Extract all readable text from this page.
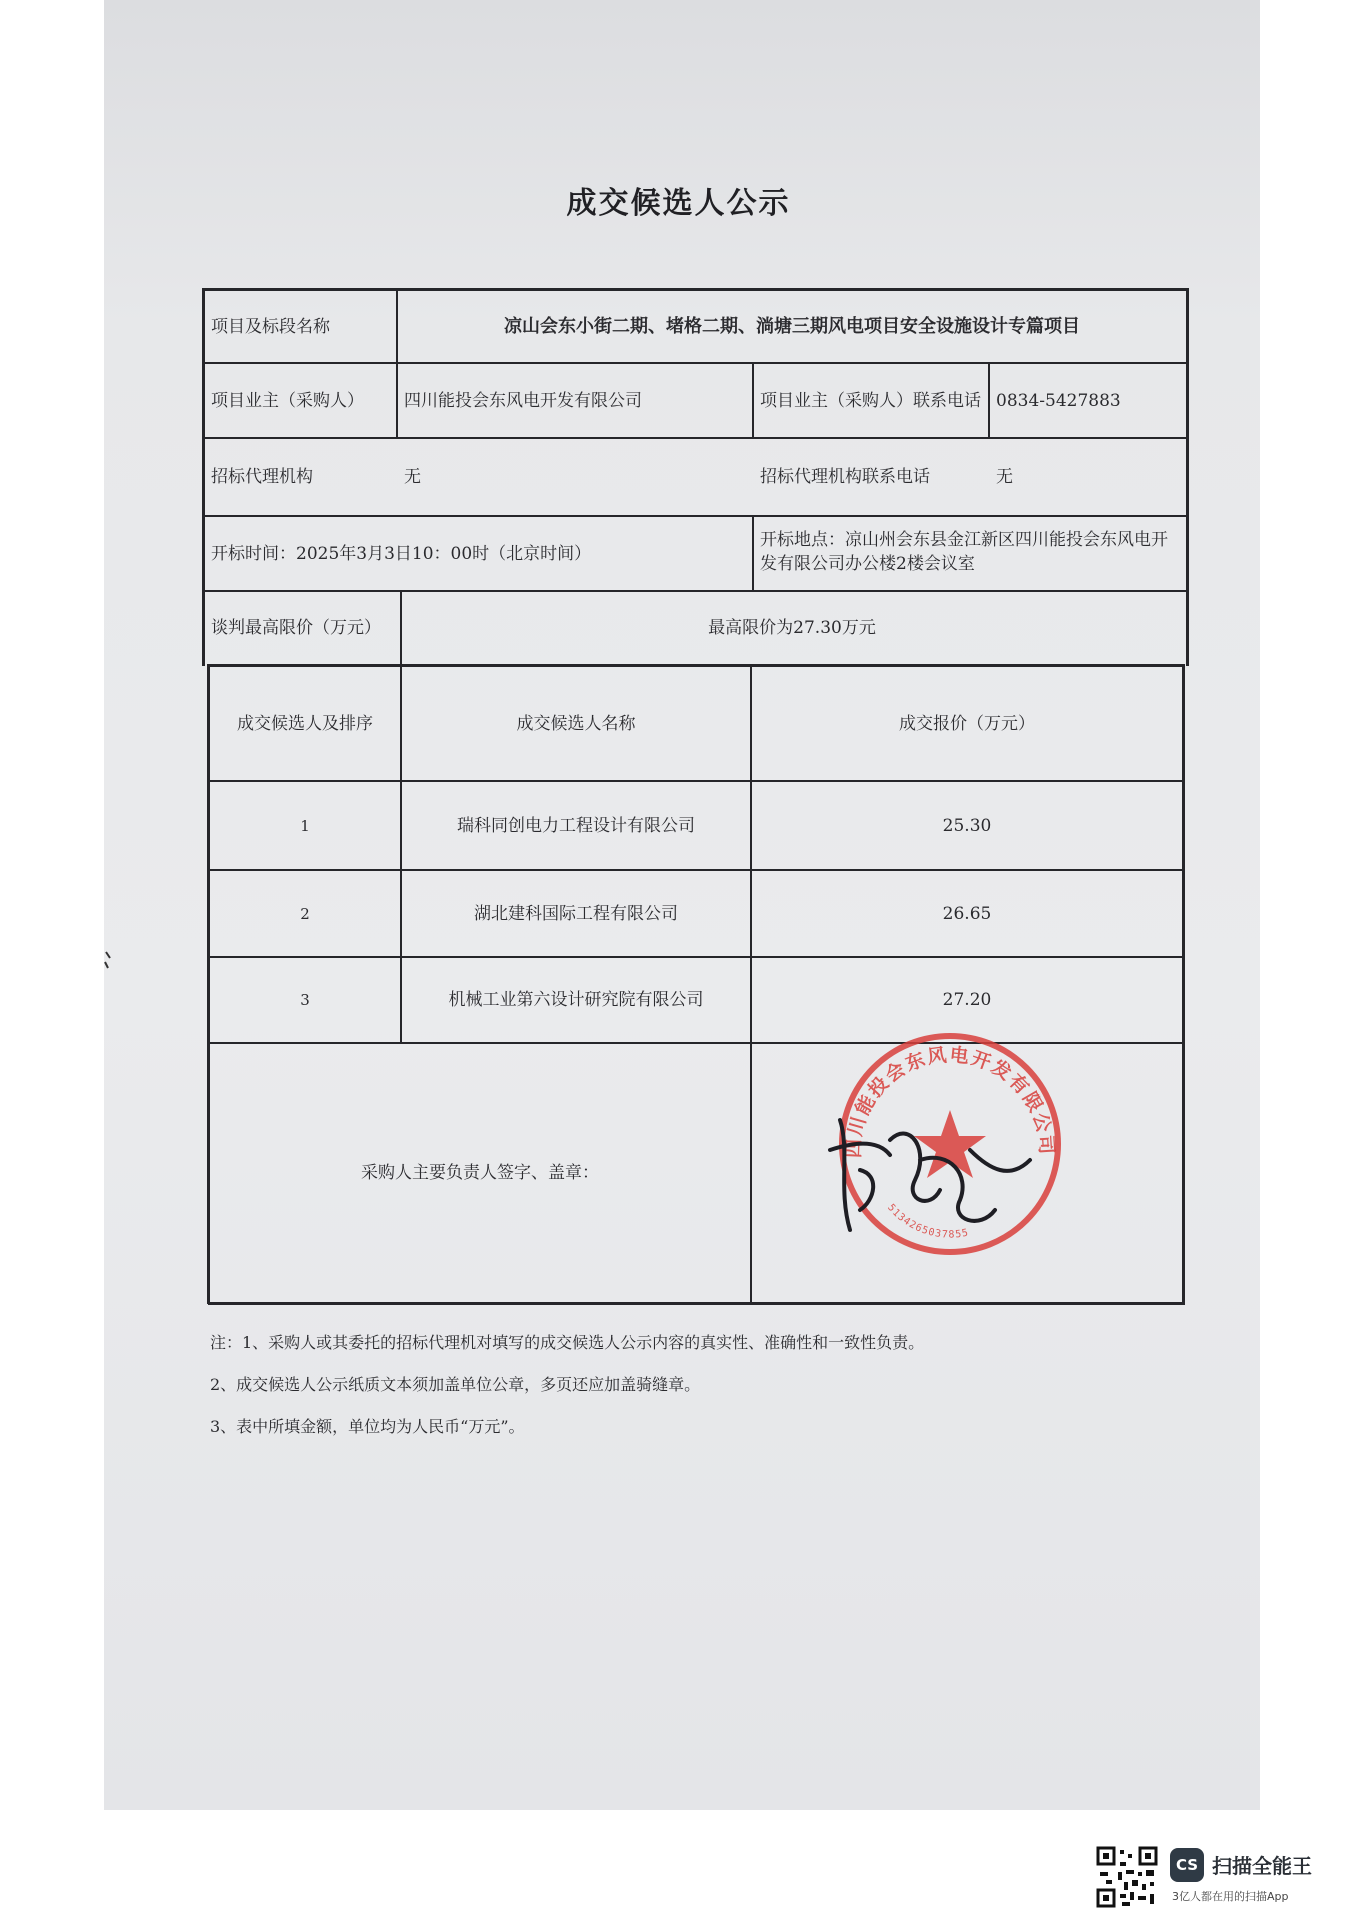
成交候选人公示
项目及标段名称	凉山会东小街二期、堵格二期、淌塘三期风电项目安全设施设计专篇项目
项目业主（采购人）	四川能投会东风电开发有限公司	项目业主（采购人）联系电话 0834-5427883
招标代理机构	无	招标代理机构联系电话	无
开标时间：2025年3月3日10：00时（北京时间）
开标地点：凉山州会东县金江新区四川能投会东风电开
发有限公司办公楼2楼会议室
谈判最高限价（万元）	最高限价为27.30万元
成交候选人及排序	成交候选人名称	成交报价（万元）
1	瑞科同创电力工程设计有限公司	25.30
2	湖北建科国际工程有限公司	26.65
3	机械工业第六设计研究院有限公司	27.20
采购人主要负责人签字、盖章：
四川能投会东风电开发有限公司
5134265037855
注：1、采购人或其委托的招标代理机对填写的成交候选人公示内容的真实性、准确性和一致性负责。
2、成交候选人公示纸质文本须加盖单位公章，多页还应加盖骑缝章。
3、表中所填金额，单位均为人民币“万元”。
CS 扫描全能王
3亿人都在用的扫描App
